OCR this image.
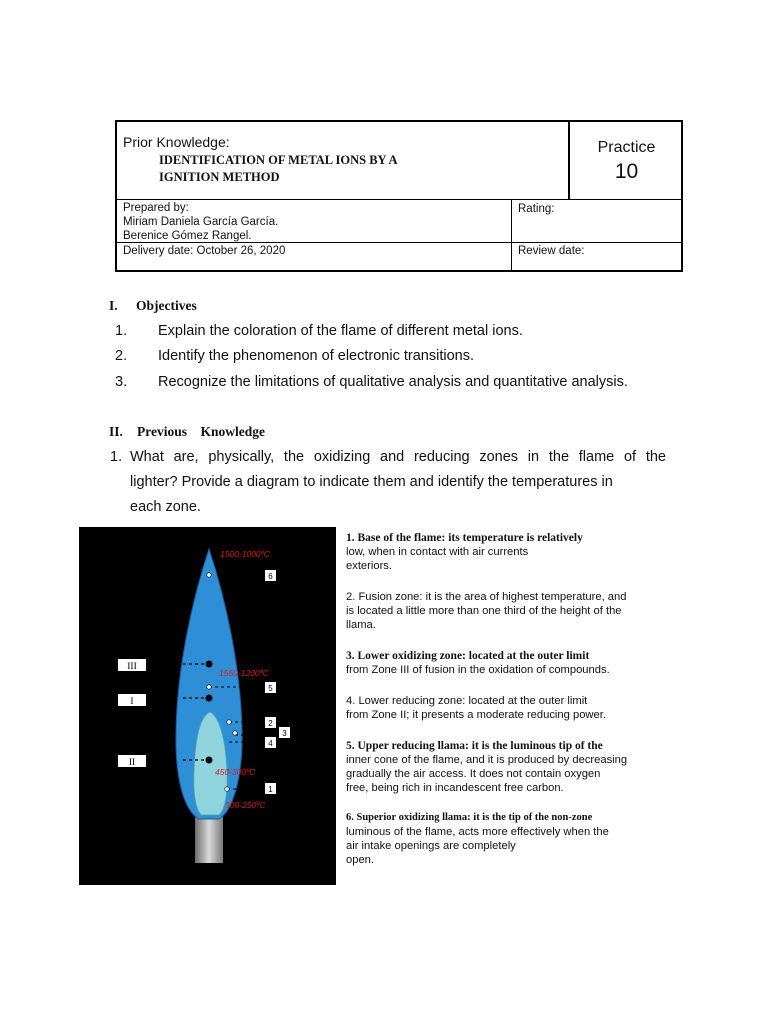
Prior Knowledge:
IDENTIFICATION OF METAL IONS BY A
IGNITION METHOD
Practice
10
Prepared by:
Miriam Daniela García García.
Berenice Gómez Rangel.
Delivery date: October 26, 2020
Rating:
Review date:
I. Objectives
1. Explain the coloration of the flame of different metal ions.
2. Identify the phenomenon of electronic transitions.
3. Recognize the limitations of qualitative analysis and quantitative analysis.
II. Previous    Knowledge
1. What are, physically, the oxidizing and reducing zones in the flame of the
lighter? Provide a diagram to indicate them and identify the temperatures in
each zone.
1500-1000ºC
1550-1200ºC
450-300ºC
300-250ºC
III
I
II
6
5
2
3
4
1
1. Base of the flame: its temperature is relatively
low, when in contact with air currents
exteriors.
2. Fusion zone: it is the area of highest temperature, and
is located a little more than one third of the height of the
llama.
3. Lower oxidizing zone: located at the outer limit
from Zone III of fusion in the oxidation of compounds.
4. Lower reducing zone: located at the outer limit
from Zone II; it presents a moderate reducing power.
5. Upper reducing llama: it is the luminous tip of the
inner cone of the flame, and it is produced by decreasing
gradually the air access. It does not contain oxygen
free, being rich in incandescent free carbon.
6. Superior oxidizing llama: it is the tip of the non-zone
luminous of the flame, acts more effectively when the
air intake openings are completely
open.
